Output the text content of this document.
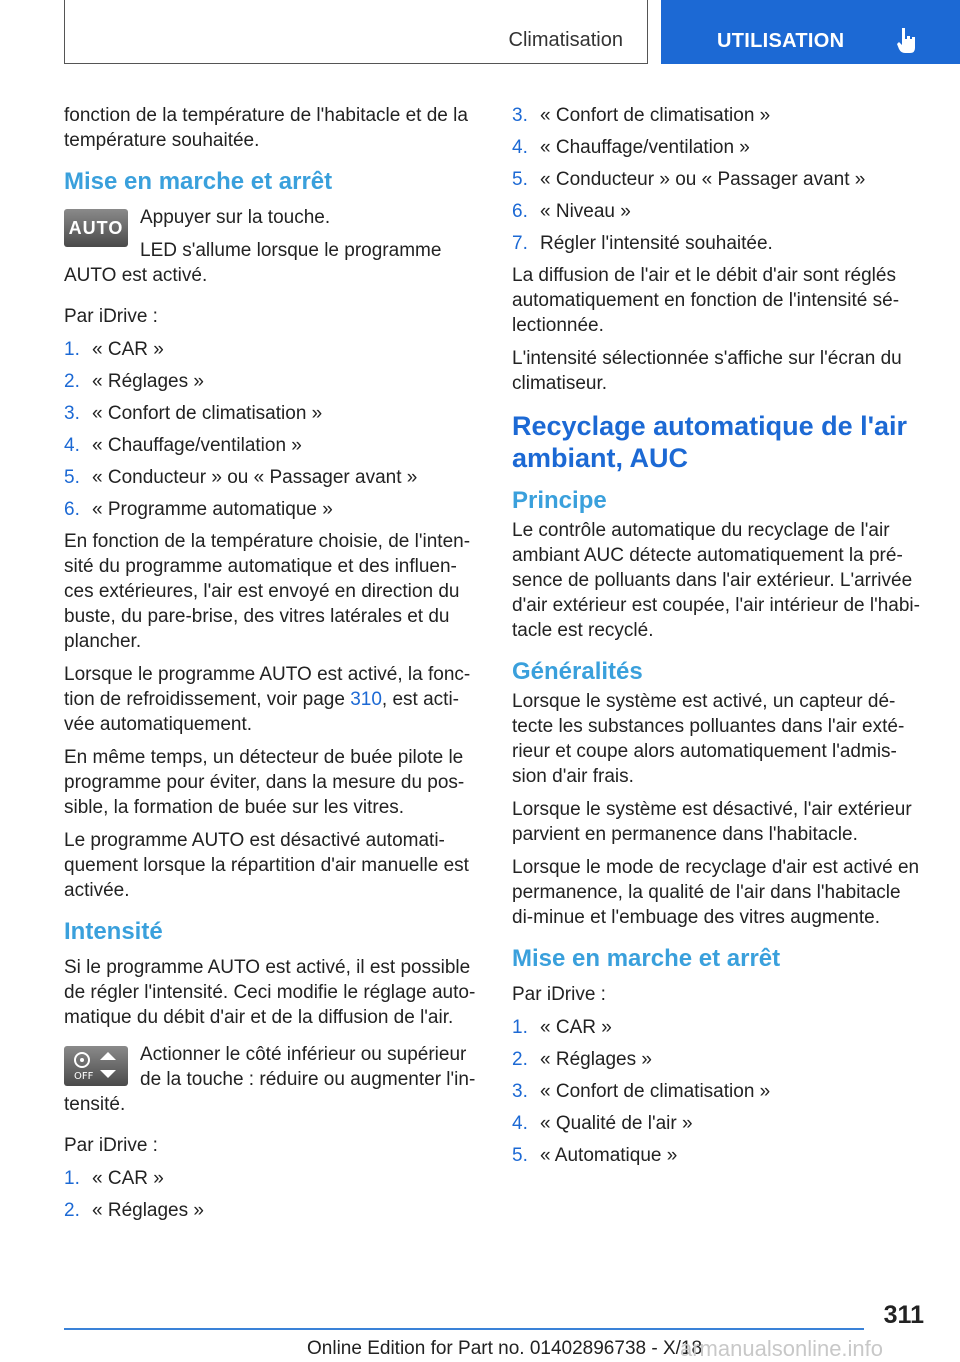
Climatisation	UTILISATION

fonction de la température de l'habitacle et de la température souhaitée.

Mise en marche et arrêt
AUTO Appuyer sur la touche.

LED s'allume lorsque le programme AUTO est activé.

Par iDrive :

1. « CAR »
2. « Réglages »
3. « Confort de climatisation »
4. « Chauffage/ventilation »
5. « Conducteur » ou « Passager avant »
6. « Programme automatique »

En fonction de la température choisie, de l'inten-sité du programme automatique et des influen-ces extérieures, l'air est envoyé en direction du buste, du pare-brise, des vitres latérales et du plancher.

Lorsque le programme AUTO est activé, la fonc-tion de refroidissement, voir page 310, est acti-vée automatiquement.

En même temps, un détecteur de buée pilote le programme pour éviter, dans la mesure du pos-sible, la formation de buée sur les vitres.

Le programme AUTO est désactivé automati-quement lorsque la répartition d'air manuelle est activée.

Intensité

Si le programme AUTO est activé, il est possible de régler l'intensité. Ceci modifie le réglage auto-matique du débit d'air et de la diffusion de l'air.

OFF

Actionner le côté inférieur ou supérieur de la touche : réduire ou augmenter l'in-tensité.

Par iDrive :

1. « CAR »
2. « Réglages »
3. « Confort de climatisation »
4. « Chauffage/ventilation »
5. « Conducteur » ou « Passager avant »
6. « Niveau »
7. Régler l'intensité souhaitée.

La diffusion de l'air et le débit d'air sont réglés automatiquement en fonction de l'intensité sé-lectionnée.

L'intensité sélectionnée s'affiche sur l'écran du climatiseur.

Recyclage automatique de l'air ambiant, AUC
Principe

Le contrôle automatique du recyclage de l'air ambiant AUC détecte automatiquement la pré-sence de polluants dans l'air extérieur. L'arrivée d'air extérieur est coupée, l'air intérieur de l'habi-tacle est recyclé.

Généralités

Lorsque le système est activé, un capteur dé-tecte les substances polluantes dans l'air exté-rieur et coupe alors automatiquement l'admis-sion d'air frais.

Lorsque le système est désactivé, l'air extérieur parvient en permanence dans l'habitacle.

Lorsque le mode de recyclage d'air est activé en permanence, la qualité de l'air dans l'habitacle di-minue et l'embuage des vitres augmente.

Mise en marche et arrêt

Par iDrive :

1. « CAR »
2. « Réglages »
3. « Confort de climatisation »
4. « Qualité de l'air »
5. « Automatique »
311
Online Edition for Part no. 01402896738 - X/18
armanualsonline.info
